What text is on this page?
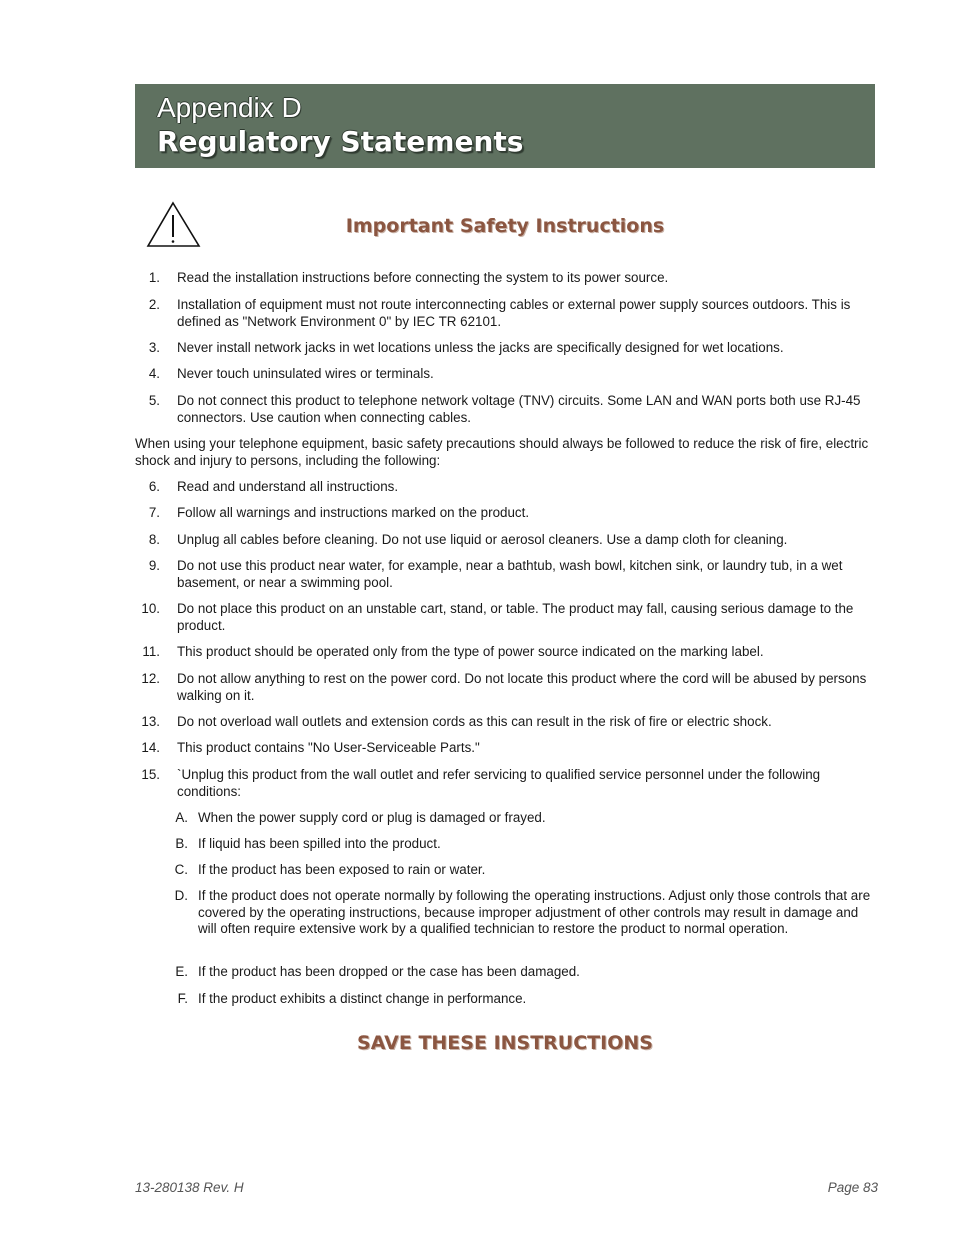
Appendix D
Regulatory Statements
Important Safety Instructions
1. Read the installation instructions before connecting the system to its power source.
2. Installation of equipment must not route interconnecting cables or external power supply sources outdoors. This is defined as "Network Environment 0" by IEC TR 62101.
3. Never install network jacks in wet locations unless the jacks are specifically designed for wet locations.
4. Never touch uninsulated wires or terminals.
5. Do not connect this product to telephone network voltage (TNV) circuits. Some LAN and WAN ports both use RJ-45 connectors. Use caution when connecting cables.
When using your telephone equipment, basic safety precautions should always be followed to reduce the risk of fire, electric shock and injury to persons, including the following:
6. Read and understand all instructions.
7. Follow all warnings and instructions marked on the product.
8. Unplug all cables before cleaning. Do not use liquid or aerosol cleaners. Use a damp cloth for cleaning.
9. Do not use this product near water, for example, near a bathtub, wash bowl, kitchen sink, or laundry tub, in a wet basement, or near a swimming pool.
10. Do not place this product on an unstable cart, stand, or table. The product may fall, causing serious damage to the product.
11. This product should be operated only from the type of power source indicated on the marking label.
12. Do not allow anything to rest on the power cord. Do not locate this product where the cord will be abused by persons walking on it.
13. Do not overload wall outlets and extension cords as this can result in the risk of fire or electric shock.
14. This product contains "No User-Serviceable Parts."
15. `Unplug this product from the wall outlet and refer servicing to qualified service personnel under the following conditions:
A. When the power supply cord or plug is damaged or frayed.
B. If liquid has been spilled into the product.
C. If the product has been exposed to rain or water.
D. If the product does not operate normally by following the operating instructions. Adjust only those controls that are covered by the operating instructions, because improper adjustment of other controls may result in damage and will often require extensive work by a qualified technician to restore the product to normal operation.
E. If the product has been dropped or the case has been damaged.
F. If the product exhibits a distinct change in performance.
SAVE THESE INSTRUCTIONS
13-280138 Rev. H	Page 83
